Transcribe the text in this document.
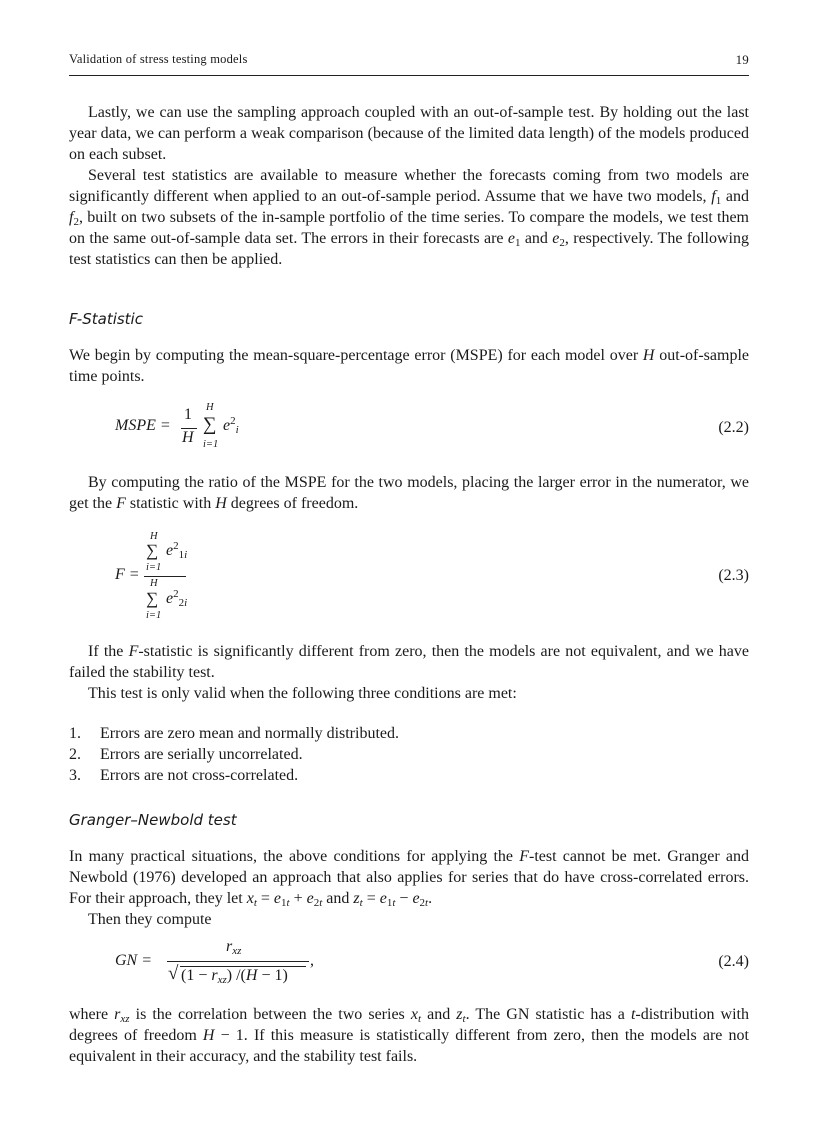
Validation of stress testing models	19

Lastly, we can use the sampling approach coupled with an out-of-sample test. By holding out the last year data, we can perform a weak comparison (because of the limited data length) of the models produced on each subset.

Several test statistics are available to measure whether the forecasts coming from two models are significantly different when applied to an out-of-sample period. Assume that we have two models, $f_1$ and $f_2$, built on two subsets of the in-sample portfolio of the time series. To compare the models, we test them on the same out-of-sample data set. The errors in their forecasts are $e_1$ and $e_2$, respectively. The following test statistics can then be applied.

F-Statistic

We begin by computing the mean-square-percentage error (MSPE) for each model over H out-of-sample time points.

MSPE =
1
H
H
∑
i=1
$e^2_i$	(2.2)

By computing the ratio of the MSPE for the two models, placing the larger error in the numerator, we get the F statistic with H degrees of freedom.

F =
H
∑ $e^2_{1i}$
i=1
H
∑ $e^2_{2i}$
i=1
(2.3)

If the F-statistic is significantly different from zero, then the models are not equivalent, and we have failed the stability test.

This test is only valid when the following three conditions are met:

1. Errors are zero mean and normally distributed.
2. Errors are serially uncorrelated.
3. Errors are not cross-correlated.
Granger–Newbold test

In many practical situations, the above conditions for applying the F-test cannot be met. Granger and Newbold (1976) developed an approach that also applies for series that do have cross-correlated errors. For their approach, they let $x_t = e_{1t} + e_{2t}$ and $z_t = e_{1t} - e_{2t}$.

Then they compute

GN =
$r_{xz}$
,
√ $(1 - r_{xz})$ /(H − 1)
(2.4)

where $r_{xz}$ is the correlation between the two series $x_t$ and $z_t$. The GN statistic has a t-distribution with degrees of freedom H − 1. If this measure is statistically different from zero, then the models are not equivalent in their accuracy, and the stability test fails.
